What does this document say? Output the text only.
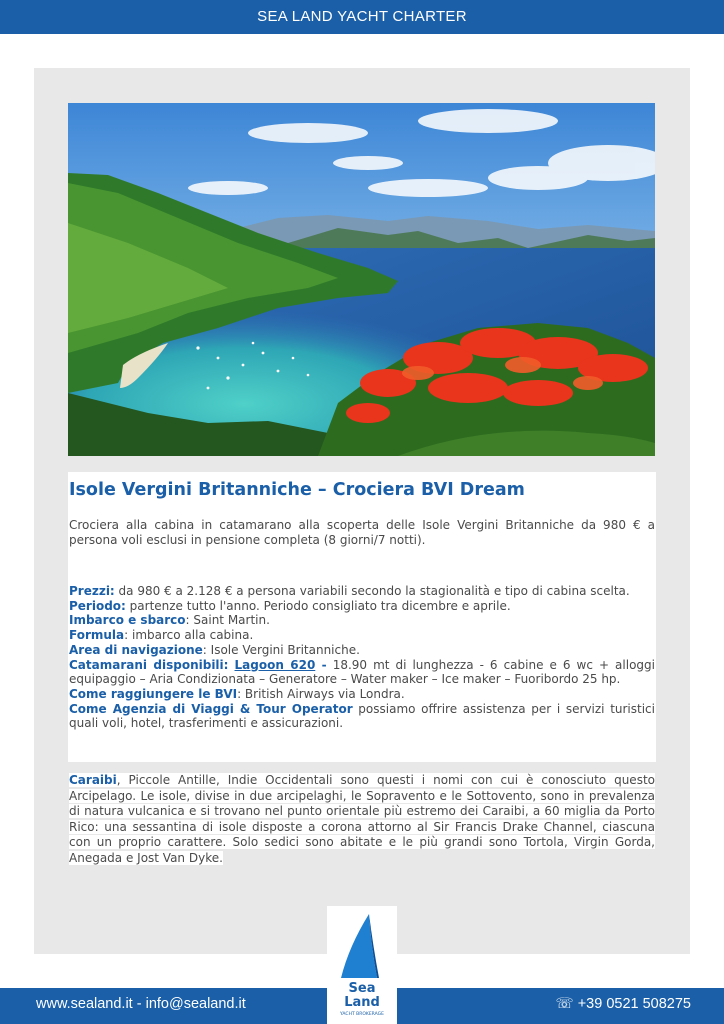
SEA LAND YACHT CHARTER
Isole Vergini Britanniche – Crociera BVI Dream

Crociera alla cabina in catamarano alla scoperta delle Isole Vergini Britanniche da 980 € a persona voli esclusi in pensione completa (8 giorni/7 notti).

Prezzi: da 980 € a 2.128 € a persona variabili secondo la stagionalità e tipo di cabina scelta.
Periodo: partenze tutto l'anno. Periodo consigliato tra dicembre e aprile.
Imbarco e sbarco: Saint Martin.
Formula: imbarco alla cabina.
Area di navigazione: Isole Vergini Britanniche.
Catamarani disponibili: Lagoon 620 - 18.90 mt di lunghezza - 6 cabine e 6 wc + alloggi equipaggio – Aria Condizionata – Generatore – Water maker – Ice maker – Fuoribordo 25 hp.
Come raggiungere le BVI: British Airways via Londra.
Come Agenzia di Viaggi & Tour Operator possiamo offrire assistenza per i servizi turistici quali voli, hotel, trasferimenti e assicurazioni.

Caraibi, Piccole Antille, Indie Occidentali sono questi i nomi con cui è conosciuto questo Arcipelago. Le isole, divise in due arcipelaghi, le Sopravento e le Sottovento, sono in prevalenza di natura vulcanica e si trovano nel punto orientale più estremo dei Caraibi, a 60 miglia da Porto Rico: una sessantina di isole disposte a corona attorno al Sir Francis Drake Channel, ciascuna con un proprio carattere. Solo sedici sono abitate e le più grandi sono Tortola, Virgin Gorda, Anegada e Jost Van Dyke.

www.sealand.it - info@sealand.it	☏ +39 0521 508275
Sea
Land
YACHT BROKERAGE
